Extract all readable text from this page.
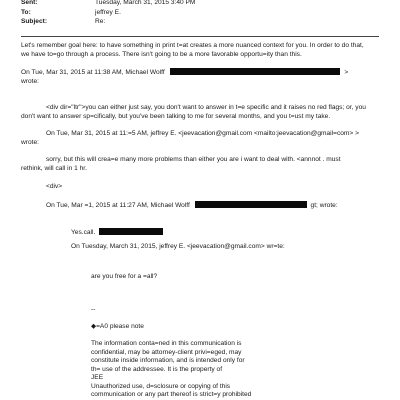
Sent:	Tuesday, March 31, 2015 3:40 PM
To:	jeffrey E.
Subject:	Re:
Let's remember goal here: to have something in print t=at creates a more nuanced context for you. In order to do that,
we have to=go through a process. There isn't going to be a more favorable opportu=ity than this.
On Tue, Mar 31, 2015 at 11:38 AM, Michael Wolff	>
wrote:
<div dir="ltr">you can either just say, you don't want to answer in t=e specific and it raises no red flags; or, you
don't want to answer sp=cifically, but you've been talking to me for several months, and you t=ust my take.
On Tue, Mar 31, 2015 at 11:=5 AM, jeffrey E. <jeevacation@gmail.com <mailto:jeevacation@gmail=com> >
wrote:
sorry, but this will crea=e many more problems than either you are i want to deal with. <annnot . must
rethink, will call in 1 hr.
<div>
On Tue, Mar =1, 2015 at 11:27 AM, Michael Wolff	gt; wrote:
Yes.call.
On Tuesday, March 31, 2015, jeffrey E. <jeevacation@gmail.com> wr=te:
are you free for a =all?
--
◆=A0 please note
The information conta=ned in this communication is
confidential, may be attorney-client privi=eged, may
constitute inside information, and is intended only for
th= use of the addressee. It is the property of
JEE
Unauthorized use, d=sclosure or copying of this
communication or any part thereof is strict=y prohibited
